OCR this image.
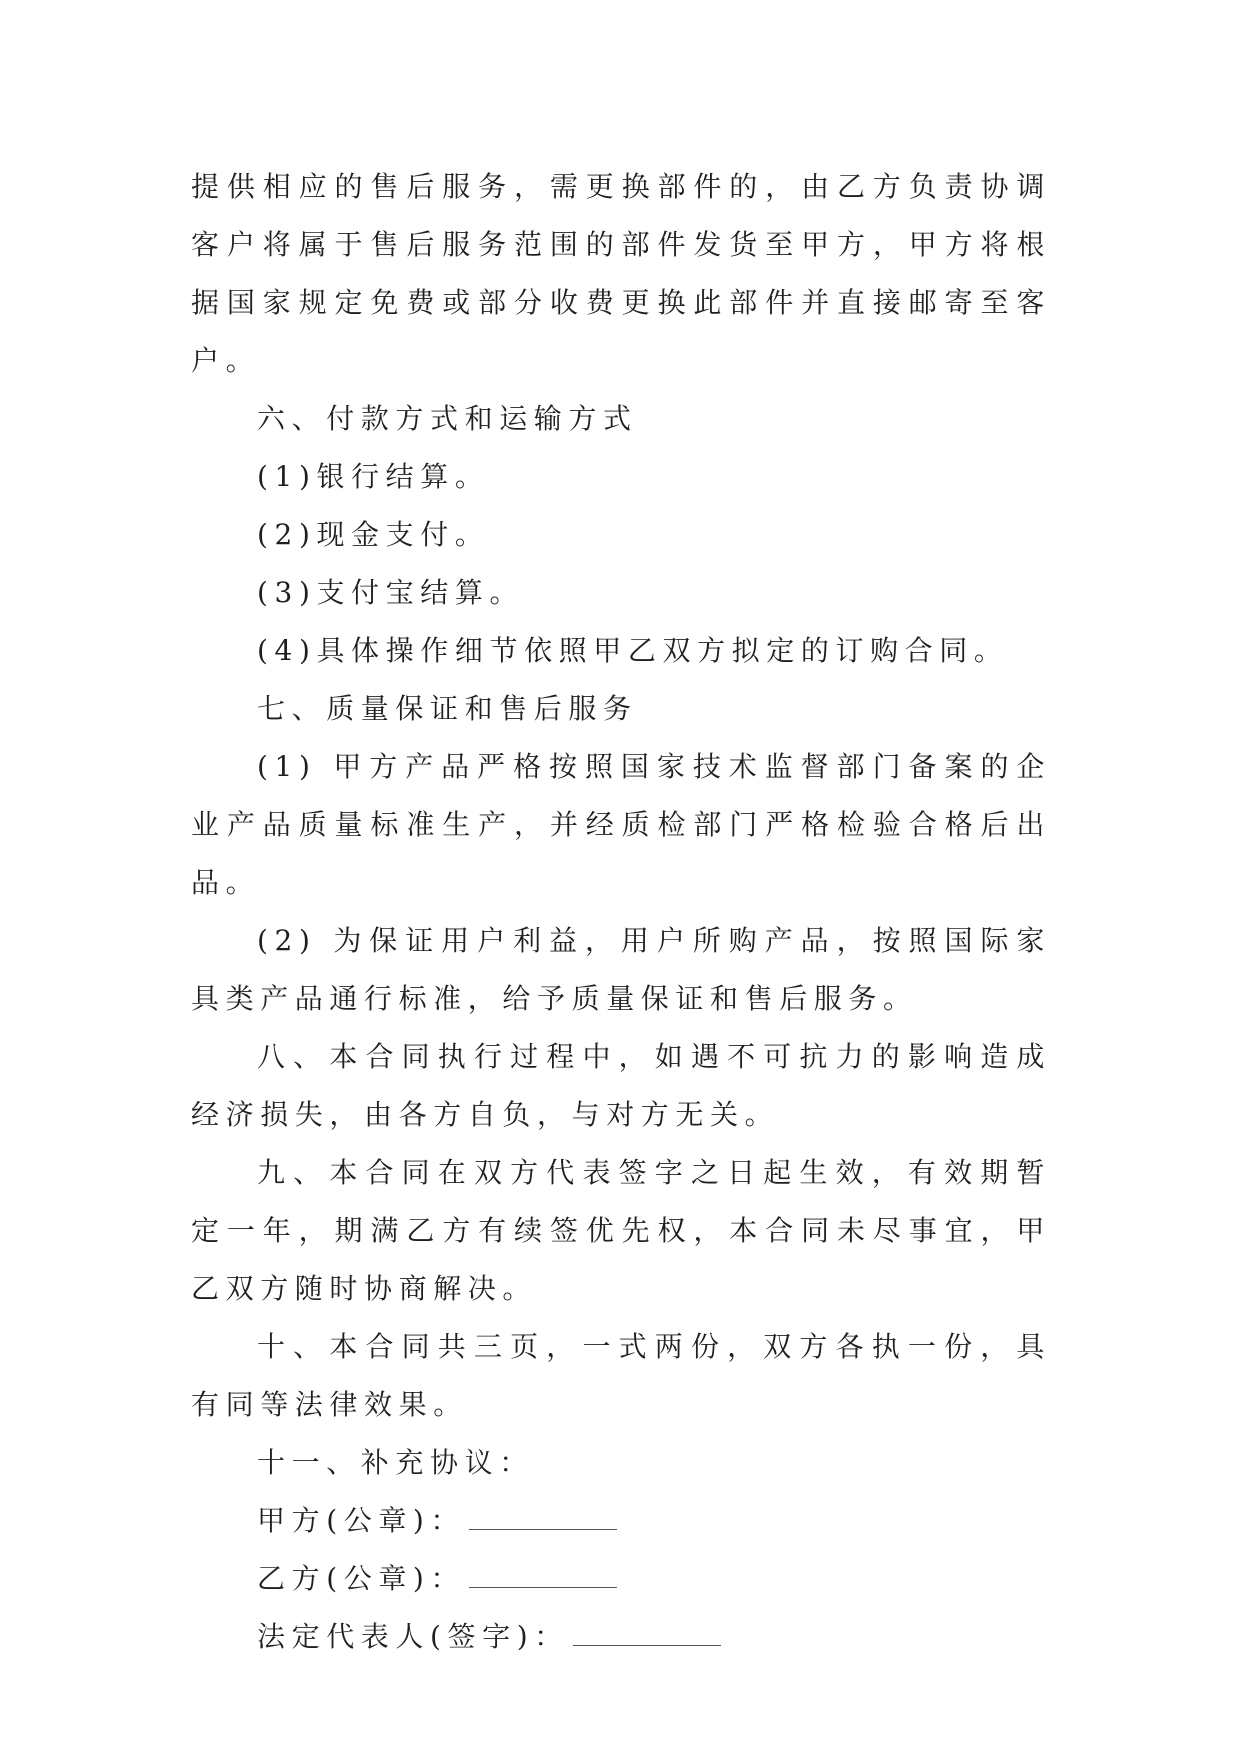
提供相应的售后服务，需更换部件的，由乙方负责协调客户将属于售后服务范围的部件发货至甲方，甲方将根据国家规定免费或部分收费更换此部件并直接邮寄至客户。

六、付款方式和运输方式

(1)银行结算。

(2)现金支付。

(3)支付宝结算。

(4)具体操作细节依照甲乙双方拟定的订购合同。

七、质量保证和售后服务

(1) 甲方产品严格按照国家技术监督部门备案的企业产品质量标准生产，并经质检部门严格检验合格后出品。

(2) 为保证用户利益，用户所购产品，按照国际家具类产品通行标准，给予质量保证和售后服务。

八、本合同执行过程中，如遇不可抗力的影响造成经济损失，由各方自负，与对方无关。

九、本合同在双方代表签字之日起生效，有效期暂定一年，期满乙方有续签优先权，本合同未尽事宜，甲乙双方随时协商解决。

十、本合同共三页，一式两份，双方各执一份，具有同等法律效果。

十一、补充协议：

甲方(公章)：

乙方(公章)：

法定代表人(签字)：
